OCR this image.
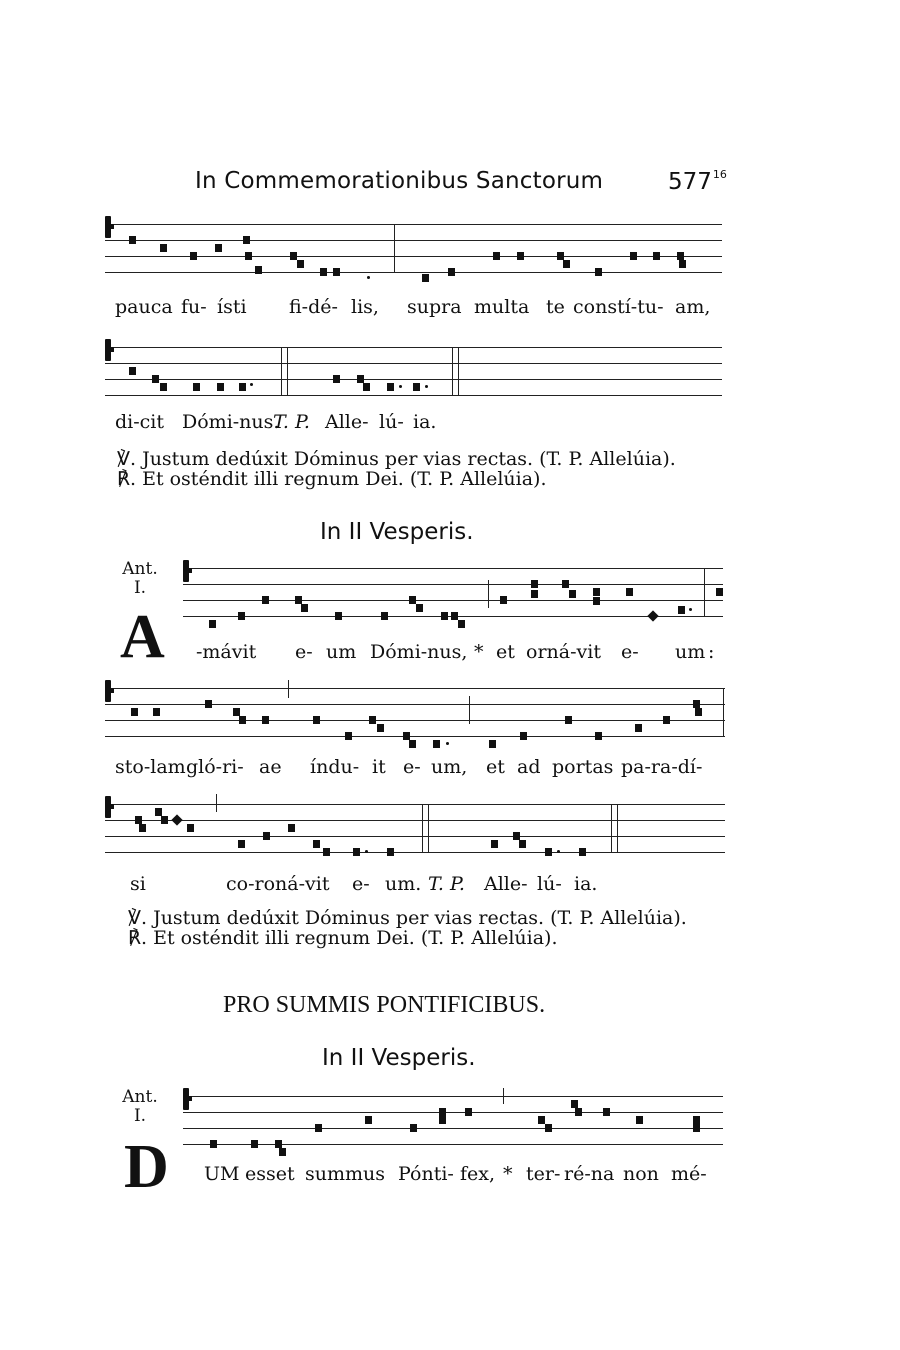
In Commemorationibus Sanctorum	$577^{16}$
pauca fu- ísti fi-dé- lis, supra multa te constí-tu- am,
di-cit Dómi-nus.
T. P. Alle- lú- ia.
℣. Justum dedúxit Dóminus per vias rectas. (T. P. Allelúia).
℟. Et osténdit illi regnum Dei. (T. P. Allelúia).
In II Vesperis.
Ant.
I.
A -mávit e- um Dómi-nus, * et orná-vit e- um :
sto-lam gló-ri- ae índu- it e- um, et ad portas pa-ra-dí-
si	co-roná-vit e- um. T. P. Alle- lú- ia.
℣. Justum dedúxit Dóminus per vias rectas. (T. P. Allelúia).
℟. Et osténdit illi regnum Dei. (T. P. Allelúia).
PRO SUMMIS PONTIFICIBUS.
In II Vesperis.
Ant.
I.
D UM esset summus Pónti- fex, * ter- ré-na non mé-
